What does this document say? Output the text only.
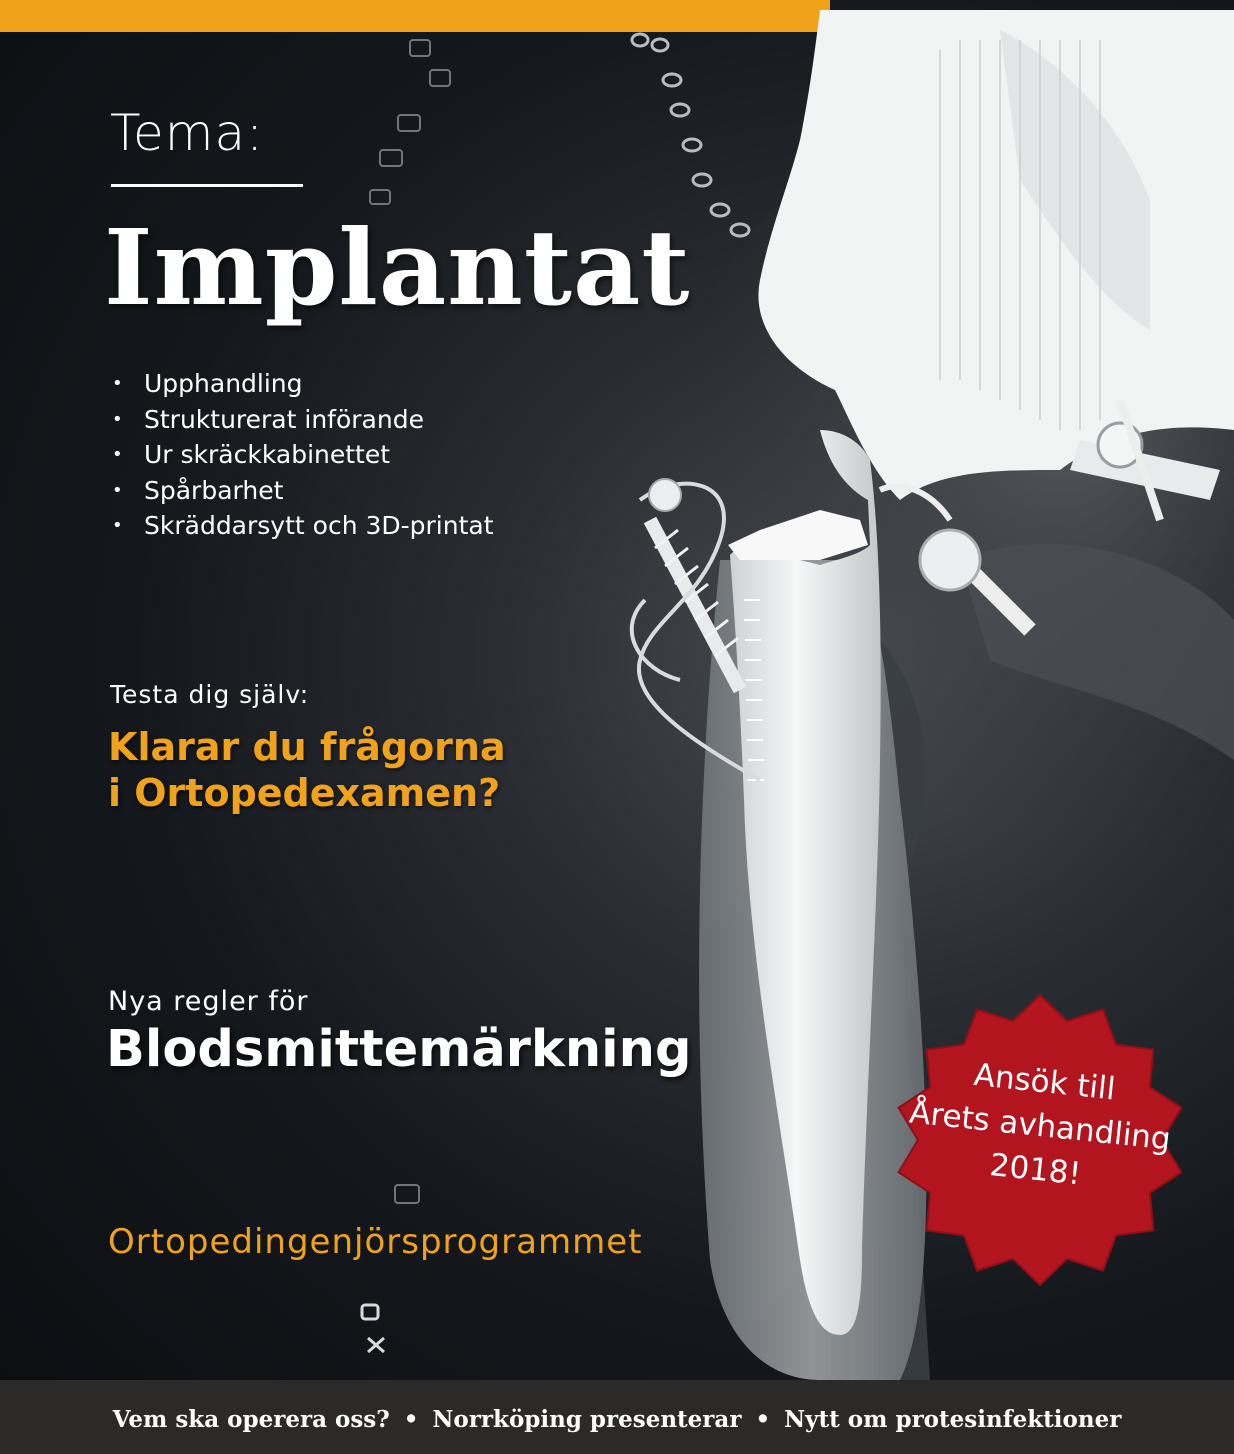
Tema:
Implantat
• Upphandling
• Strukturerat införande
• Ur skräckkabinettet
• Spårbarhet
• Skräddarsytt och 3D-printat
Testa dig själv:
Klarar du frågorna
i Ortopedexamen?
Nya regler för
Blodsmittemärkning
Ortopedingenjörsprogrammet
Ansök till
Årets avhandling
2018!
Vem ska operera oss? • Norrköping presenterar • Nytt om protesinfektioner
